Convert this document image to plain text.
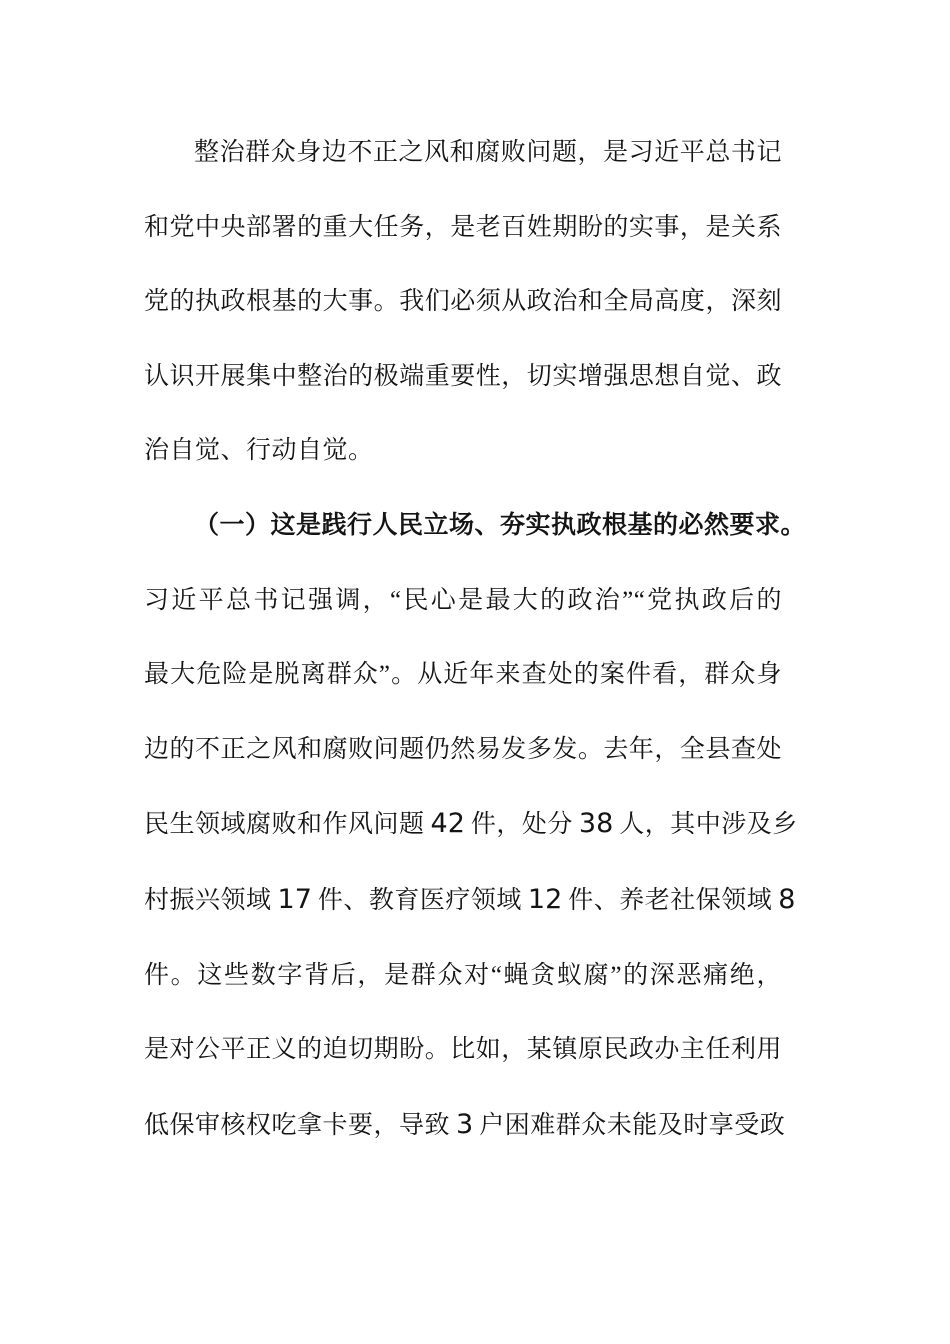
整治群众身边不正之风和腐败问题，是习近平总书记
和党中央部署的重大任务，是老百姓期盼的实事，是关系
党的执政根基的大事。我们必须从政治和全局高度，深刻
认识开展集中整治的极端重要性，切实增强思想自觉、政
治自觉、行动自觉。
（一）这是践行人民立场、夯实执政根基的必然要求。
习近平总书记强调，“民心是最大的政治”“党执政后的
最大危险是脱离群众”。从近年来查处的案件看，群众身
边的不正之风和腐败问题仍然易发多发。去年，全县查处
民生领域腐败和作风问题 42 件，处分 38 人，其中涉及乡
村振兴领域 17 件、教育医疗领域 12 件、养老社保领域 8
件。这些数字背后，是群众对“蝇贪蚁腐”的深恶痛绝，
是对公平正义的迫切期盼。比如，某镇原民政办主任利用
低保审核权吃拿卡要，导致 3 户困难群众未能及时享受政
